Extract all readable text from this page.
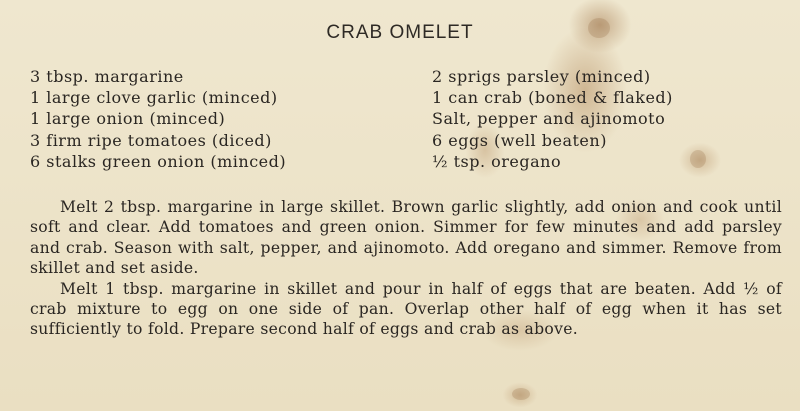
CRAB OMELET
3 tbsp. margarine
1 large clove garlic (minced)
1 large onion (minced)
3 firm ripe tomatoes (diced)
6 stalks green onion (minced)
2 sprigs parsley (minced)
1 can crab (boned & flaked)
Salt, pepper and ajinomoto
6 eggs (well beaten)
½ tsp. oregano

Melt 2 tbsp. margarine in large skillet. Brown garlic slightly, add onion and cook until soft and clear. Add tomatoes and green onion. Simmer for few minutes and add parsley and crab. Season with salt, pepper, and ajinomoto. Add oregano and simmer. Remove from skillet and set aside.

Melt 1 tbsp. margarine in skillet and pour in half of eggs that are beaten. Add ½ of crab mixture to egg on one side of pan. Overlap other half of egg when it has set sufficiently to fold. Prepare second half of eggs and crab as above.
